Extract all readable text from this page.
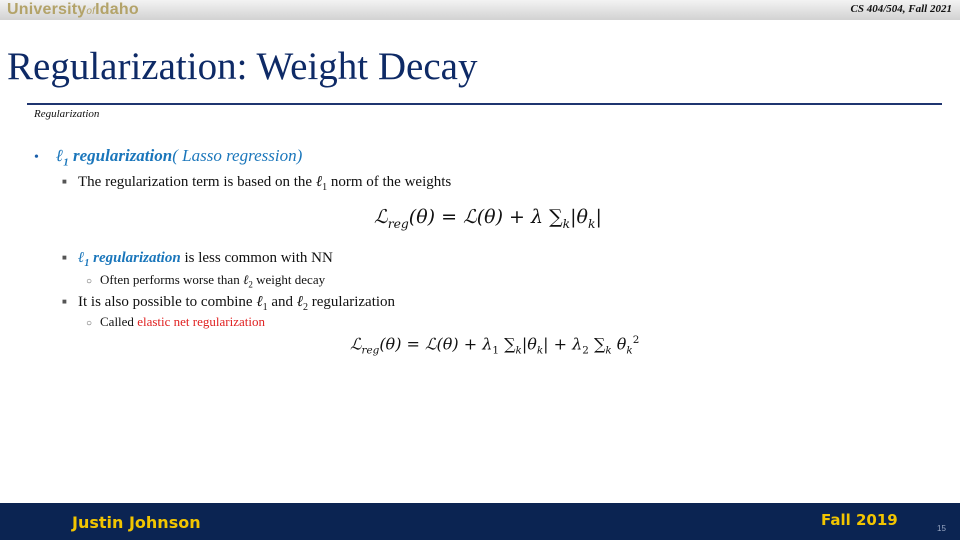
UniversityofIdaho	CS 404/504, Fall 2021
Regularization: Weight Decay
Regularization
• ℓ$_1$ regularization( Lasso regression)
■ The regularization term is based on the ℓ$_1$ norm of the weights
ℒ$_{reg}$(θ) = ℒ(θ) + λ $\sum_k|\theta_k|$
■ ℓ$_1$ regularization is less common with NN
○ Often performs worse than ℓ$_2$ weight decay
■ It is also possible to combine ℓ$_1$ and ℓ$_2$ regularization
○ Called elastic net regularization
ℒ$_{reg}$(θ) = ℒ(θ) + $\lambda_1$ $\sum_k|\theta_k| + \lambda_2$ $\sum_k$ $\theta_k^2$
Justin Johnson	Fall 2019	15
